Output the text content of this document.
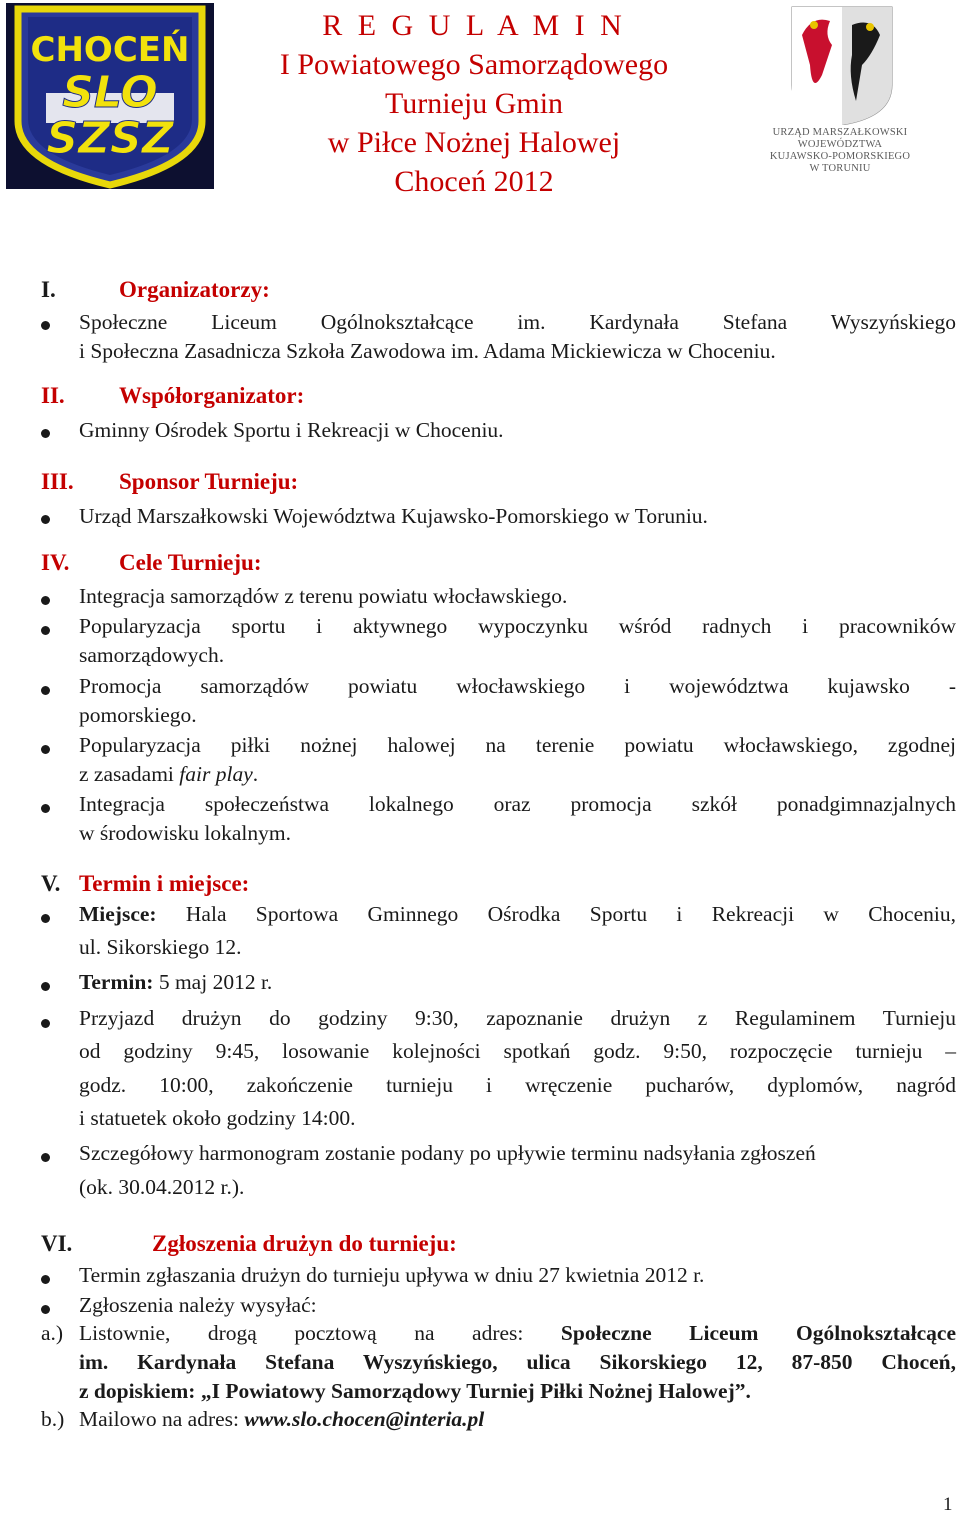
CHOCEŃ
SLO
SZSZ
R E G U L A M I N
I Powiatowego Samorządowego
Turnieju Gmin
w Piłce Nożnej Halowej
Choceń 2012
URZĄD MARSZAŁKOWSKI
WOJEWÓDZTWA
KUJAWSKO-POMORSKIEGO
W TORUNIU
I.	Organizatorzy:
Społeczne Liceum Ogólnokształcące im. Kardynała Stefana Wyszyńskiego
i Społeczna Zasadnicza Szkoła Zawodowa im. Adama Mickiewicza w Choceniu.
II. Współorganizator:
Gminny Ośrodek Sportu i Rekreacji w Choceniu.
III. Sponsor Turnieju:
Urząd Marszałkowski Województwa Kujawsko-Pomorskiego w Toruniu.
IV. Cele Turnieju:
Integracja samorządów z terenu powiatu włocławskiego.
Popularyzacja sportu i aktywnego wypoczynku wśród radnych i pracowników
samorządowych.
Promocja samorządów powiatu włocławskiego i województwa kujawsko -
pomorskiego.
Popularyzacja piłki nożnej halowej na terenie powiatu włocławskiego, zgodnej
z zasadami fair play.
Integracja społeczeństwa lokalnego oraz promocja szkół ponadgimnazjalnych
w środowisku lokalnym.
V. Termin i miejsce:
Miejsce: Hala Sportowa Gminnego Ośrodka Sportu i Rekreacji w Choceniu,
ul. Sikorskiego 12.
Termin: 5 maj 2012 r.
Przyjazd drużyn do godziny 9:30, zapoznanie drużyn z Regulaminem Turnieju
od godziny 9:45, losowanie kolejności spotkań godz. 9:50, rozpoczęcie turnieju –
godz. 10:00, zakończenie turnieju i wręczenie pucharów, dyplomów, nagród
i statuetek około godziny 14:00.
Szczegółowy harmonogram zostanie podany po upływie terminu nadsyłania zgłoszeń
(ok. 30.04.2012 r.).
VI.	Zgłoszenia drużyn do turnieju:
Termin zgłaszania drużyn do turnieju upływa w dniu 27 kwietnia 2012 r.
Zgłoszenia należy wysyłać:
a.) Listownie, drogą pocztową na adres: Społeczne Liceum Ogólnokształcące
im. Kardynała Stefana Wyszyńskiego, ulica Sikorskiego 12, 87-850 Choceń,
z dopiskiem: „I Powiatowy Samorządowy Turniej Piłki Nożnej Halowej”.
b.) Mailowo na adres: www.slo.chocen@interia.pl
1
